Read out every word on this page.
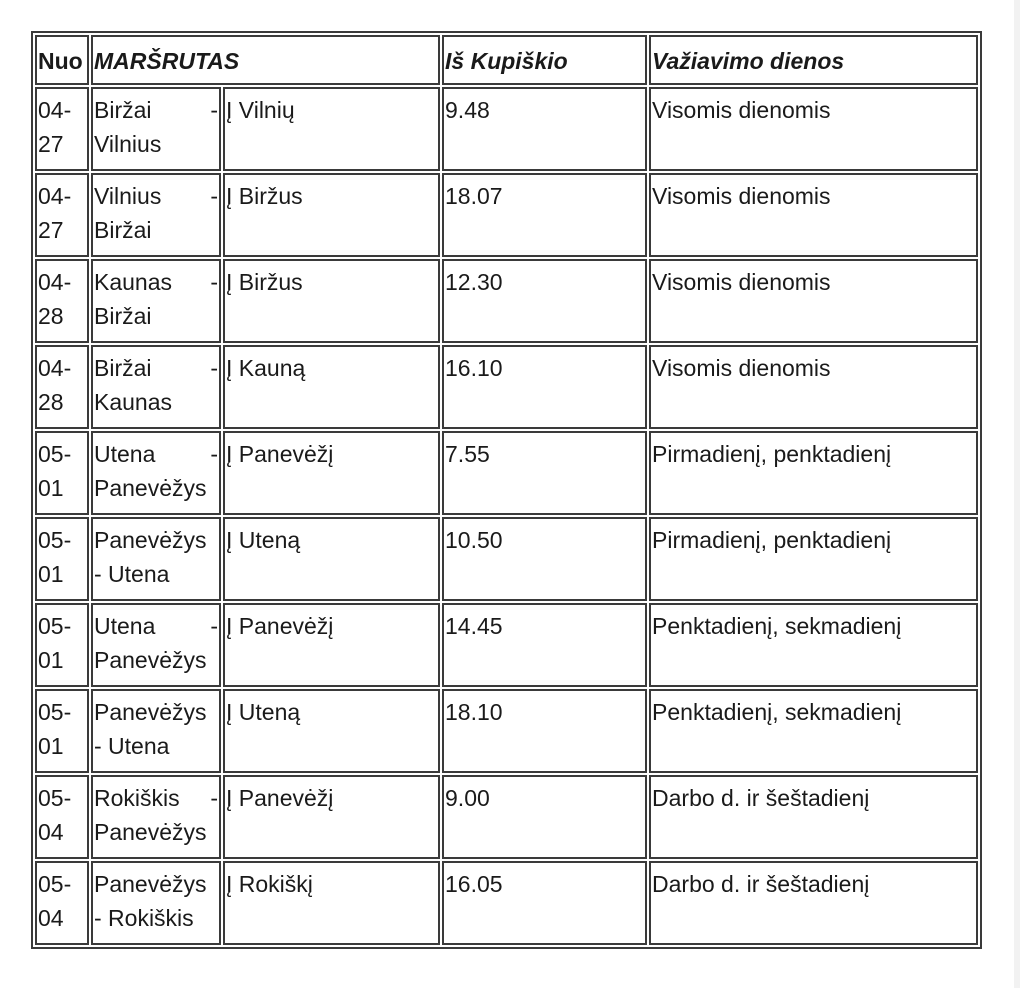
Nuo	MARŠRUTAS		Iš Kupiškio	Važiavimo dienos
04-27	Biržai - Vilnius	Į Vilnių	9.48	Visomis dienomis
04-27	Vilnius - Biržai	Į Biržus	18.07	Visomis dienomis
04-28	Kaunas - Biržai	Į Biržus	12.30	Visomis dienomis
04-28	Biržai - Kaunas	Į Kauną	16.10	Visomis dienomis
05-01	Utena - Panevėžys	Į Panevėžį	7.55	Pirmadienį, penktadienį
05-01	Panevėžys - Utena	Į Uteną	10.50	Pirmadienį, penktadienį
05-01	Utena - Panevėžys	Į Panevėžį	14.45	Penktadienį, sekmadienį
05-01	Panevėžys - Utena	Į Uteną	18.10	Penktadienį, sekmadienį
05-04	Rokiškis - Panevėžys	Į Panevėžį	9.00	Darbo d. ir šeštadienį
05-04	Panevėžys - Rokiškis	Į Rokiškį	16.05	Darbo d. ir šeštadienį
